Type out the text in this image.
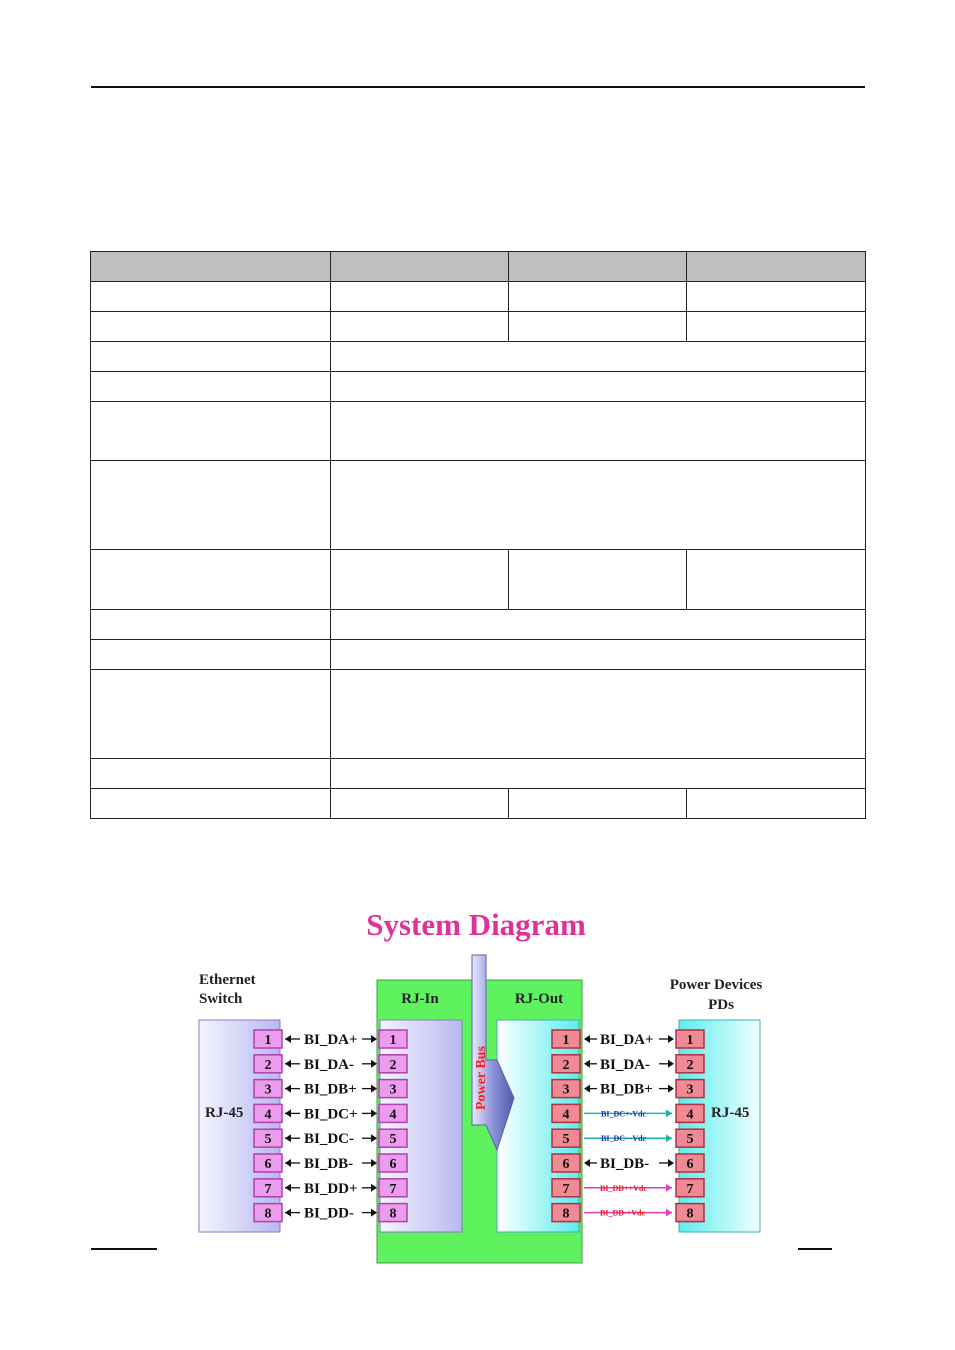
System Diagram
Ethernet
Switch
Power Devices
PDs
Power Bus
RJ-In	RJ-Out
RJ-45	RJ-45
1	1	1	1
BI_DA+	BI_DA+
2	2	2	2
BI_DA-	BI_DA-
3	3	3	3
BI_DB+	BI_DB+
4	4	4	4
BI_DC+	BI_DC+-Vdc
5	5	5	5
BI_DC-	BI_DC- -Vdc
6	6	6	6
BI_DB-	BI_DB-
7	7	7	7
BI_DD+	BI_DD++Vdc
8	8	8	8
BI_DD-	BI_DD-+Vdc
